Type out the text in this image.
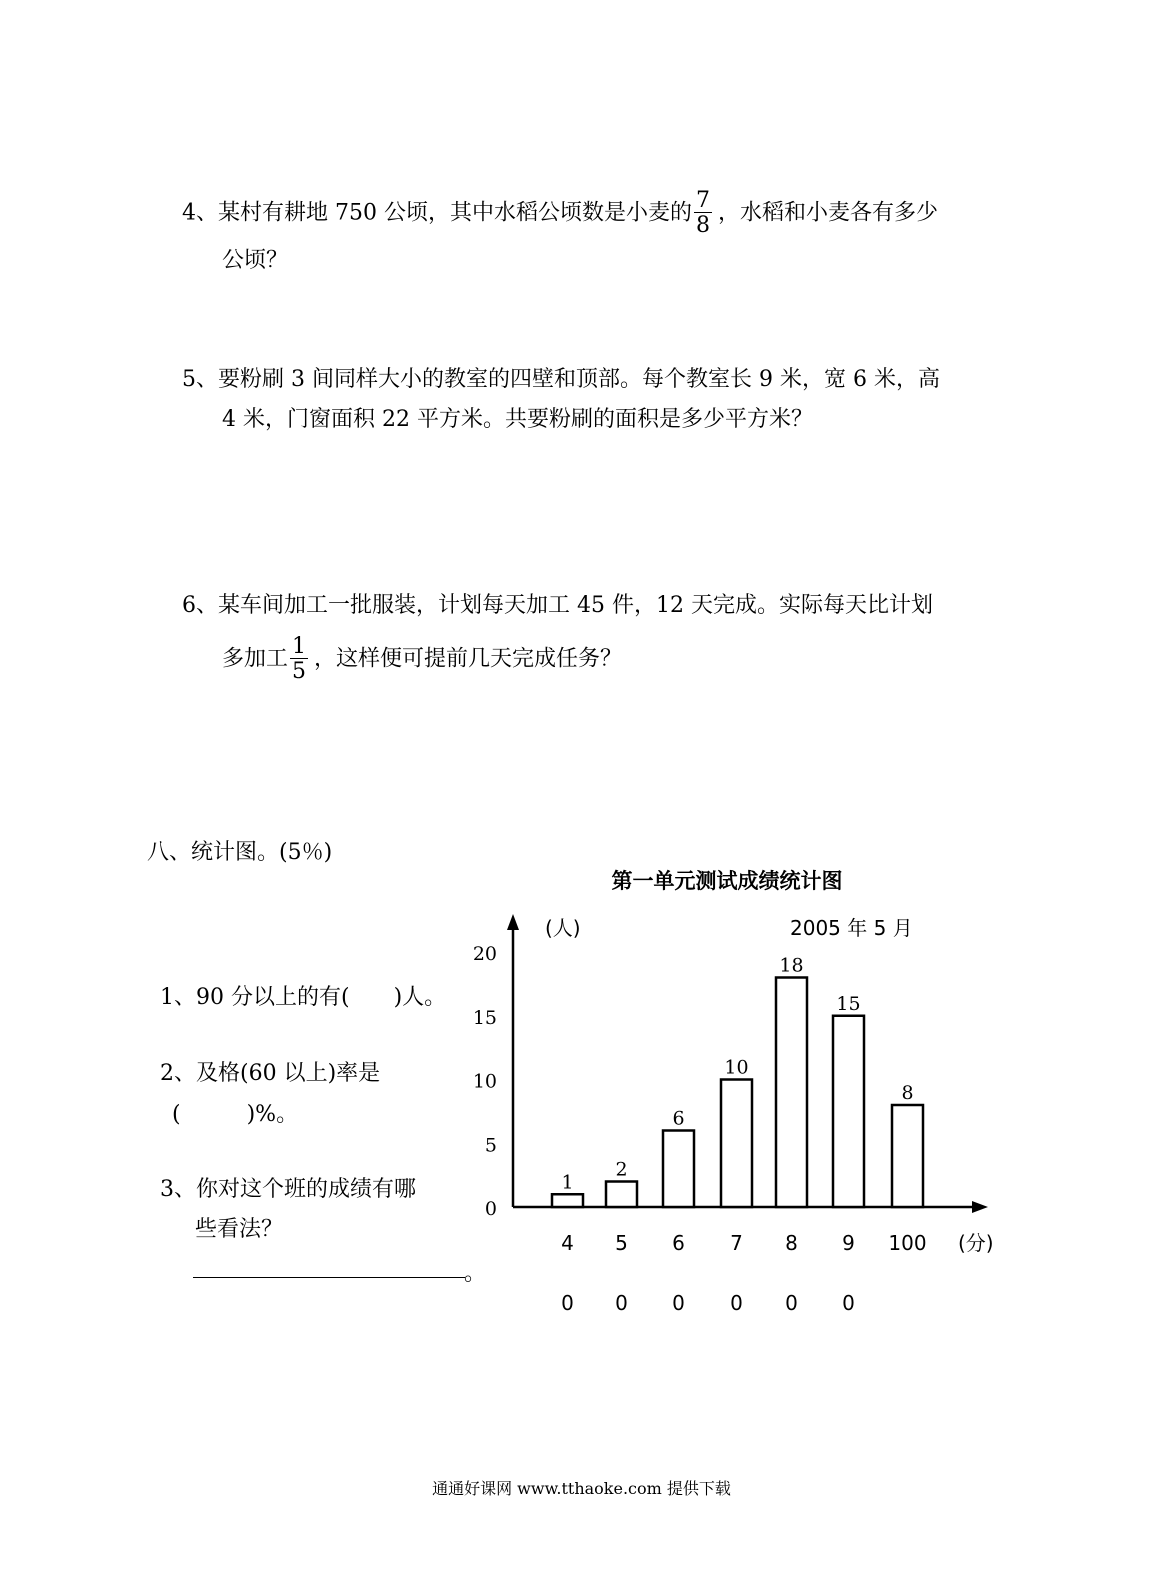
4、某村有耕地 750 公顷，其中水稻公顷数是小麦的 $\frac{7}{8}$ ，水稻和小麦各有多少
公顷？
5、要粉刷 3 间同样大小的教室的四壁和顶部。每个教室长 9 米，宽 6 米，高
4 米，门窗面积 22 平方米。共要粉刷的面积是多少平方米？
6、某车间加工一批服装，计划每天加工 45 件，12 天完成。实际每天比计划
多加工 $\frac{1}{5}$ ，这样便可提前几天完成任务？
八、统计图。(5％)
1、90 分以上的有(　　)人。
2、及格(60 以上)率是
(　　　)%。
3、你对这个班的成绩有哪
些看法？
。
第一单元测试成绩统计图
(人)	2005 年 5 月
0
5
10
15
20
1
2
6
10
18
15
8
4
0
5
0
6
0
7
0
8
0
9
0
100 (分)
通通好课网 www.tthaoke.com 提供下载
